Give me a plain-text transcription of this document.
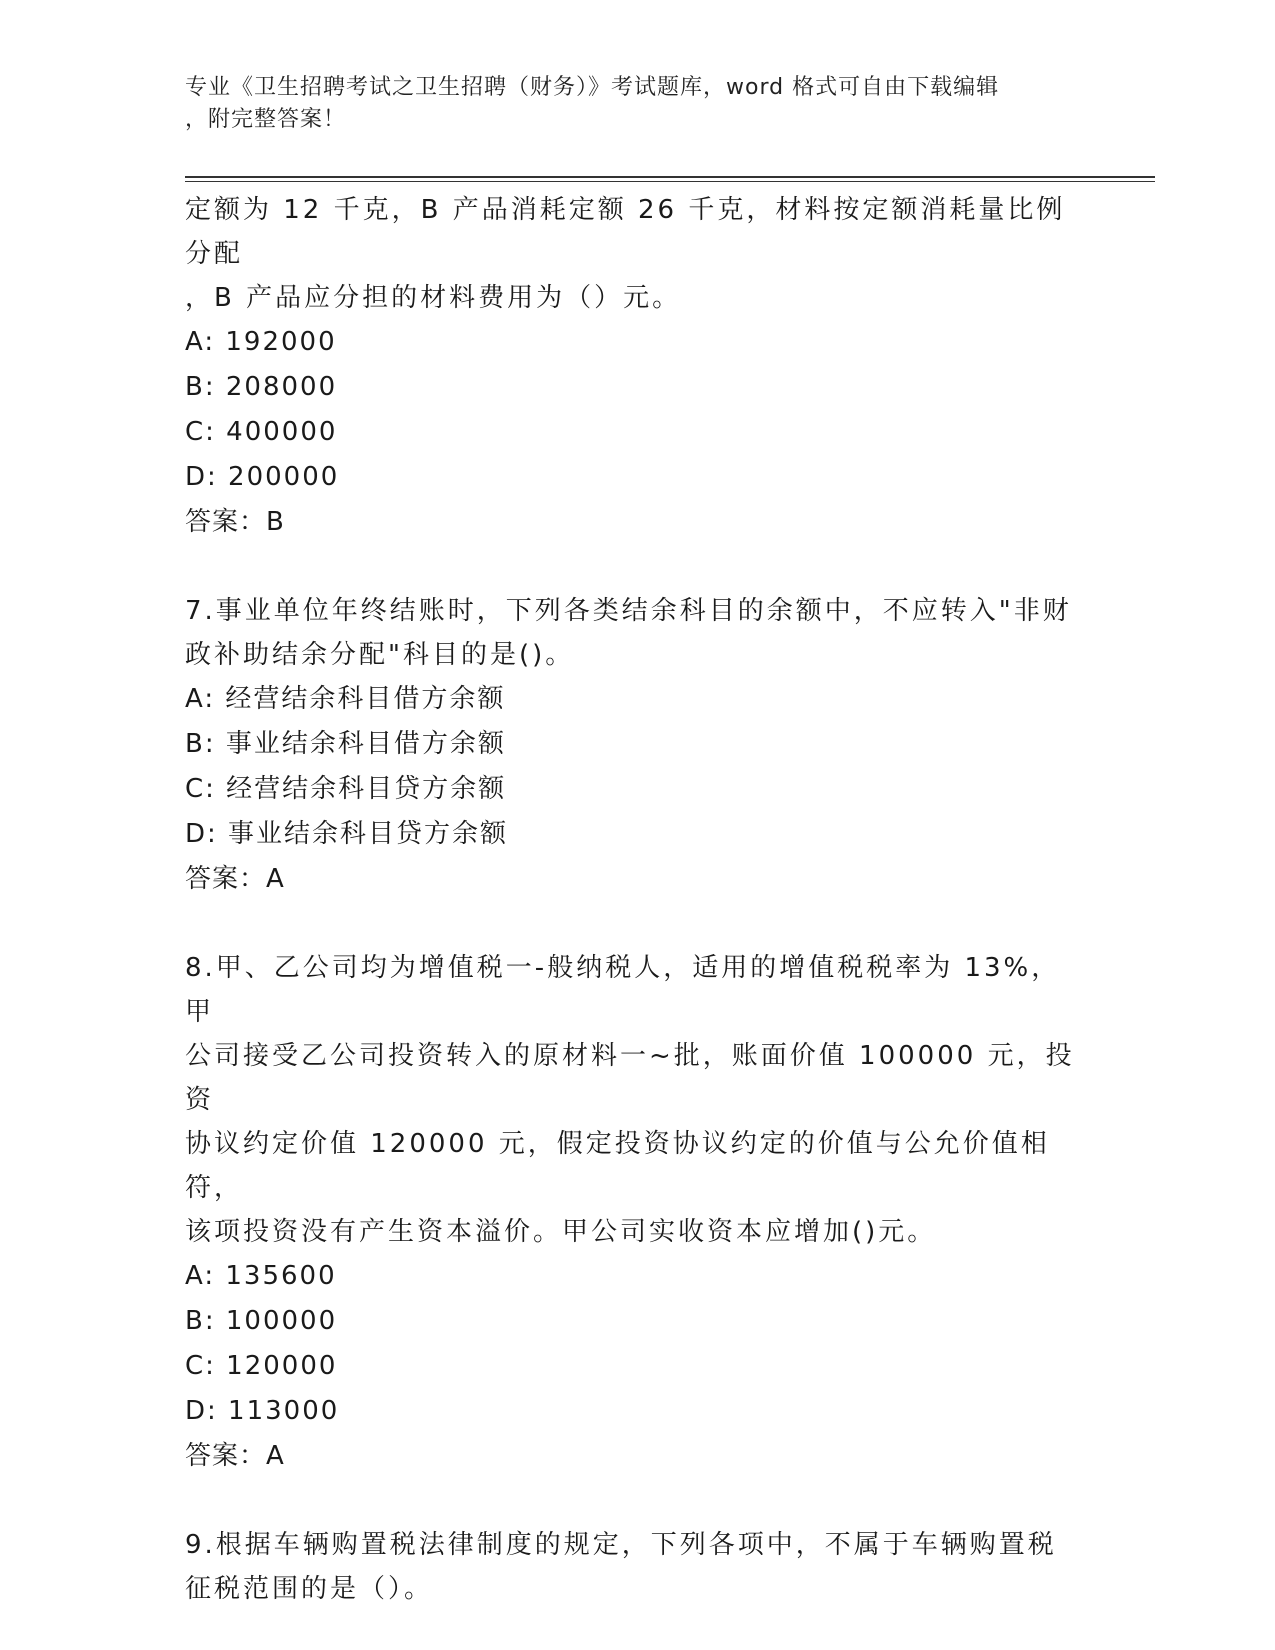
专业《卫生招聘考试之卫生招聘（财务）》考试题库，word 格式可自由下载编辑
，附完整答案！

定额为 12 千克，B 产品消耗定额 26 千克，材料按定额消耗量比例分配

，B 产品应分担的材料费用为（）元。

A: 192000

B: 208000

C: 400000

D: 200000

答案：B

7.事业单位年终结账时，下列各类结余科目的余额中，不应转入"非财

政补助结余分配"科目的是()。

A: 经营结余科目借方余额

B: 事业结余科目借方余额

C: 经营结余科目贷方余额

D: 事业结余科目贷方余额

答案：A

8.甲、乙公司均为增值税一-般纳税人，适用的增值税税率为 13%，甲

公司接受乙公司投资转入的原材料一~批，账面价值 100000 元，投资

协议约定价值 120000 元，假定投资协议约定的价值与公允价值相符，

该项投资没有产生资本溢价。甲公司实收资本应增加()元。

A: 135600

B: 100000

C: 120000

D: 113000

答案：A

9.根据车辆购置税法律制度的规定，下列各项中，不属于车辆购置税

征税范围的是（）。
